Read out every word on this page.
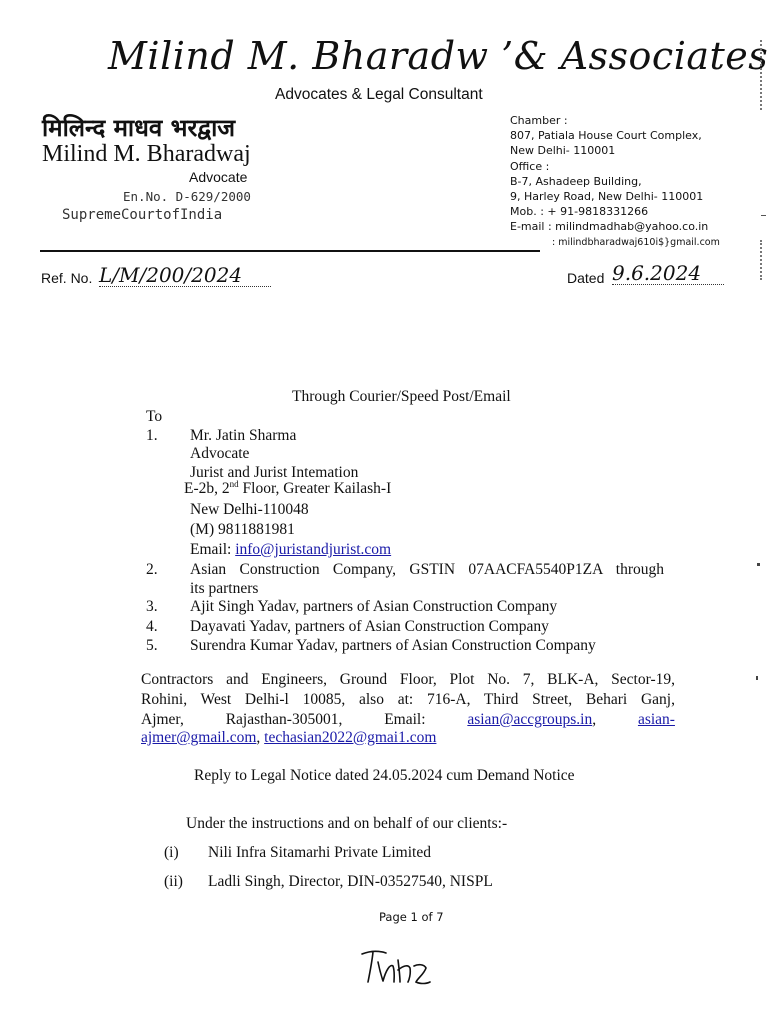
Milind M. Bharadw ’& Associates
Advocates & Legal Consultant
मिलिन्द माधव भरद्वाज
Milind M. Bharadwaj
Advocate
En.No. D-629/2000
SupremeCourtofIndia
Chamber :
807, Patiala House Court Complex,
New Delhi- 110001
Office :
B-7, Ashadeep Building,
9, Harley Road, New Delhi- 110001
Mob. : + 91-9818331266
E-mail : milindmadhab@yahoo.co.in
: milindbharadwaj610i$}gmail.com
Ref. No. L/M/200/2024	Dated 9.6.2024
Through Courier/Speed Post/Email
To
1. Mr. Jatin Sharma
Advocate
Jurist and Jurist Intemation
E-2b, 2nd Floor, Greater Kailash-I
New Delhi-110048
(M) 9811881981
Email: info@juristandjurist.com
2. Asian Construction Company, GSTIN 07AACFA5540P1ZA through
its partners
3. Ajit Singh Yadav, partners of Asian Construction Company
4. Dayavati Yadav, partners of Asian Construction Company
5. Surendra Kumar Yadav, partners of Asian Construction Company
Contractors and Engineers, Ground Floor, Plot No. 7, BLK-A, Sector-19,
Rohini, West Delhi-l 10085, also at: 716-A, Third Street, Behari Ganj,
Ajmer,	Rajasthan-305001,	Email:	asian@accgroups.in,	asian-
ajmer@gmail.com, techasian2022@gmai1.com
Reply to Legal Notice dated 24.05.2024 cum Demand Notice
Under the instructions and on behalf of our clients:-
(i) Nili Infra Sitamarhi Private Limited
(ii) Ladli Singh, Director, DIN-03527540, NISPL
Page 1 of 7
